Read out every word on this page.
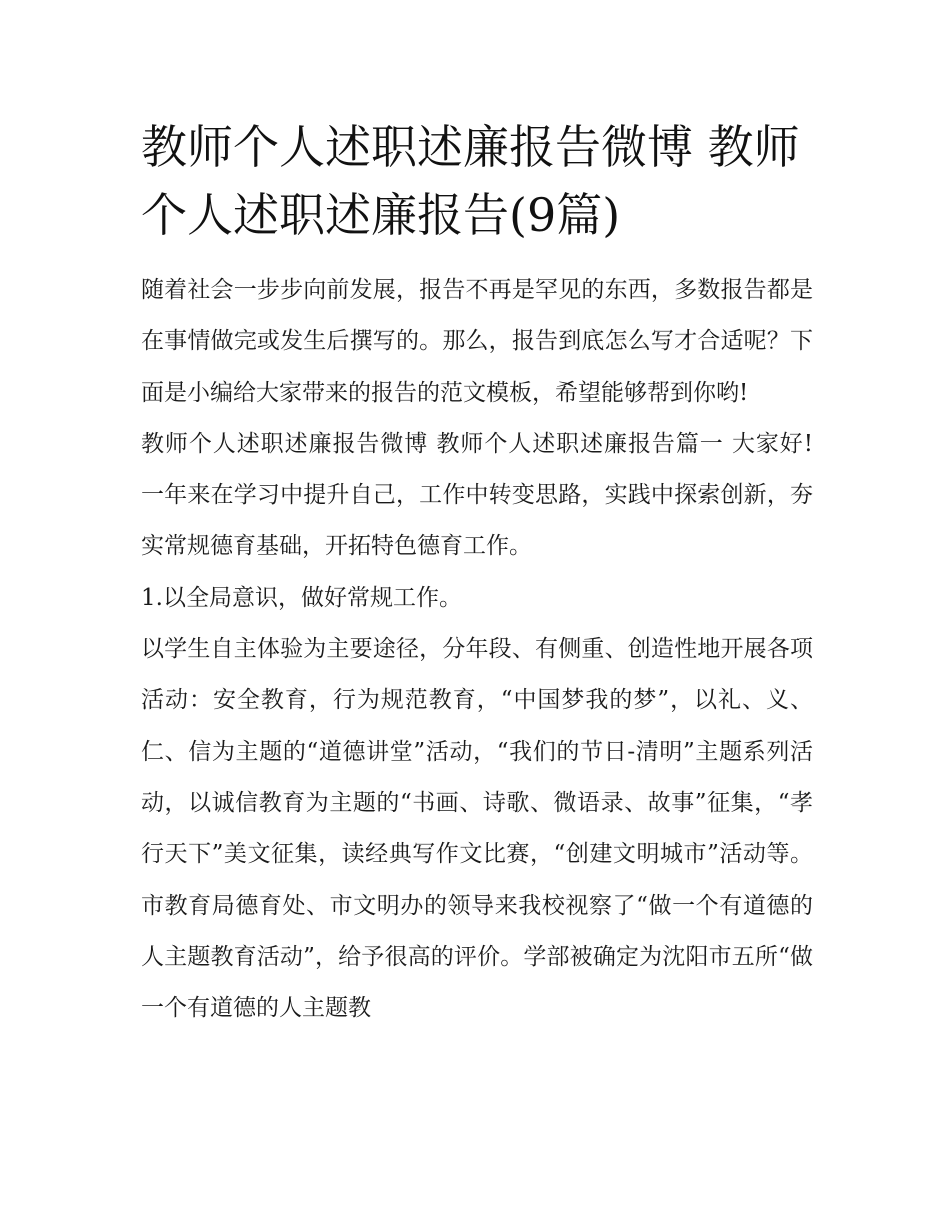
教师个人述职述廉报告微博 教师个人述职述廉报告(9篇)

随着社会一步步向前发展，报告不再是罕见的东西，多数报告都是在事情做完或发生后撰写的。那么，报告到底怎么写才合适呢？下面是小编给大家带来的报告的范文模板，希望能够帮到你哟!

教师个人述职述廉报告微博 教师个人述职述廉报告篇一 大家好! 一年来在学习中提升自己，工作中转变思路，实践中探索创新，夯实常规德育基础，开拓特色德育工作。

1.以全局意识，做好常规工作。

以学生自主体验为主要途径，分年段、有侧重、创造性地开展各项活动：安全教育，行为规范教育，“中国梦我的梦”，以礼、义、仁、信为主题的“道德讲堂”活动，“我们的节日-清明”主题系列活动，以诚信教育为主题的“书画、诗歌、微语录、故事”征集，“孝行天下”美文征集，读经典写作文比赛，“创建文明城市”活动等。市教育局德育处、市文明办的领导来我校视察了“做一个有道德的人主题教育活动”，给予很高的评价。学部被确定为沈阳市五所“做一个有道德的人主题教
